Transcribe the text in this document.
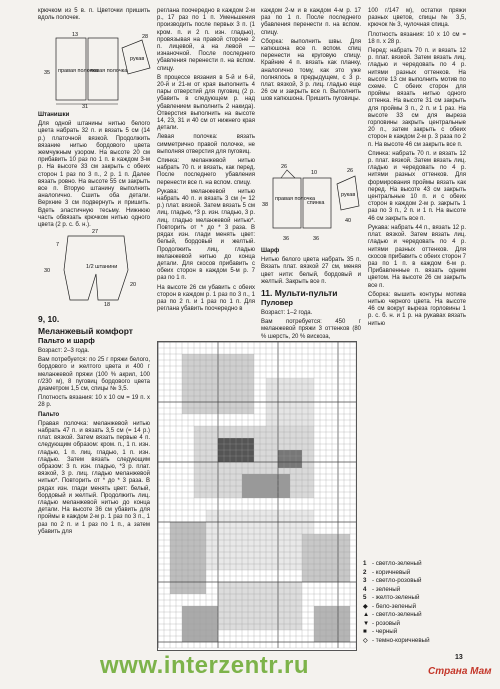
крючком из 5 в. п. Цветочки пришить вдоль полочек.

35
13
31
правая полочка
левая полочка
рукав
28

Штанишки

Для одной штанины нитью белого цвета набрать 32 п. и вязать 5 см (14 р.) платочной вязкой. Продолжить вязание нитью бордового цвета жемчужным узором. На высоте 20 см прибавить 10 раз по 1 п. в каждом 3-м р. На высоте 33 см закрыть с обеих сторон 1 раз по 3 п., 2 р. 1 п. Далее вязать ровно. На высоте 55 см закрыть все п. Вторую штанину выполнить аналогично. Сшить оба детали. Верхние 3 см подвернуть и пришить. Вдеть эластичную тесьму. Нижнюю часть обвязать крючком нитью одного цвета (2 р. с. б. н.).

27
7
30
1/2 штанини
18
20
9, 10.
Меланжевый комфорт
Пальто и шарф

Возраст: 2–3 года.

Вам потребуется: по 25 г пряжи белого, бордового и желтого цвета и 400 г меланжевой пряжи (100 % акрил, 100 г/230 м), 8 пуговиц бордового цвета диаметром 1,5 см, спицы № 3,5.

Плотность вязания: 10 х 10 см = 19 п. х 28 р.

Пальто

Правая полочка: меланжевой нитью набрать 47 п. и вязать 3,5 см (= 14 р.) плат. вязкой. Затем вязать первые 4 п. следующим образом: кром. п., 1 п. изн. гладью, 1 п. лиц. гладью, 1 п. изн. гладью. Затем вязать следующим образом: 3 п. изн. гладью, *3 р. плат. вязкой, 3 р. лиц. гладью меланжевой нитью*. Повторить от * до * 3 раза. В рядах изн. глади менять цвет: белый, бордовый и желтый. Продолжить лиц. гладью меланжевой нитью до конца детали. На высоте 36 см убавить для проймы в каждом 2-м р. 1 раз по 3 п., 1 раз по 2 п. и 1 раз по 1 п., а затем убавить для

реглана поочередно в каждом 2-м р., 17 раз по 1 п. Уменьшения производить после первых 3 п. (1 кром. п. и 2 п. изн. гладью), провязывая на правой стороне 2 п. лицевой, а на левой — изнаночной. После последнего убавления перенести п. на вспом. спицу.

В процессе вязания в 5-й и 6-й, 20-й и 21-м от края выполнить 4 пары отверстий для пуговиц (2 р. убавить в следующем р. над убавлением выполнить 2 накида). Отверстия выполнить на высоте 14, 23, 31 и 40 см от нижнего края детали.

Левая полочка: вязать симметрично правой полочке, не выполняя отверстия для пуговиц.

Спинка: меланжевой нитью набрать 70 п. и вязать, как перед. После последнего убавления перенести все п. на вспом. спицу.

Рукава: меланжевой нитью набрать 40 п. и вязать 3 см (= 12 р.) плат. вязкой. Затем вязать 5 см лиц. гладью, *3 р. изн. гладью, 3 р. лиц. гладью меланжевой нитью*. Повторить от * до * 3 раза. В рядах изн. глади менять цвет: белый, бордовый и желтый. Продолжить лиц. гладью меланжевой нитью до конца детали. Для скосов прибавить с обеих сторон в каждом 5-м р. 7 раз по 1 п.

На высоте 26 см убавить с обеих сторон в каждом р. 1 раз по 3 п., 1 раз по 2 п. и 1 раз по 1 п. Для реглана убавить поочередно в

каждом 2-м и в каждом 4-м р. 17 раз по 1 п. После последнего убавления перенести п. на вспом. спицу.

Сборка: выполнить швы. Для капюшона все п. вспом. спиц перенести на круговую спицу. Крайние 4 п. вязать как планку, аналогично тому, как это уже полнялось в предыдущем, с 3 р. плат. вязкой, 3 р. лиц. гладью еще 26 см и закрыть все п. Выполнить шов капюшона. Пришить пуговицы.

26
38
36
правая полочка
спинка
рукав
26
10
36
40

Шарф

Нитью белого цвета набрать 35 п. Вязать плат. вязкой 27 см, меняя цвет нити: белый, бордовый и желтый. Закрыть все п.

11. Мульти-пульти
Пуловер

Возраст: 1–2 года.

Вам потребуется: 450 г меланжевой пряжи 3 оттенков (80 % шерсть, 20 % вискоза,

100 г/147 м), остатки пряжи разных цветов, спицы № 3,5, крючок № 3, чулочная спица.

Плотность вязания: 10 х 10 см = 18 п. х 28 р.

Перед: набрать 70 п. и вязать 12 р. плат. вязкой. Затем вязать лиц. гладью и чередовать по 4 р. нитями разных оттенков. На высоте 13 см выполнить мотив по схеме. С обеих сторон для проймы вязать нитью одного оттенка. На высоте 31 см закрыть для проймы 3 п., 2 п. и 1 раз. На высоте 33 см для выреза горловины закрыть центральные 20 п., затем закрыть с обеих сторон в каждом 2-м р. 3 раза по 2 п. На высоте 46 см закрыть все п.

Спинка: набрать 70 п. и вязать 12 р. плат. вязкой. Затем вязать лиц. гладью и чередовать по 4 р. нитями разных оттенков. Для формирования проймы вязать как перед. На высоте 43 см закрыть центральные 10 п. и с обеих сторон в каждом 2-м р. закрыть 1 раз по 3 п., 2 п. и 1 п. На высоте 46 см закрыть все п.

Рукава: набрать 44 п., вязать 12 р. плат. вязкой. Затем вязать лиц. гладью и чередовать по 4 р. нитями разных оттенков. Для скосов прибавить с обеих сторон 7 раз по 1 п. в каждом 6-м р. Прибавленные п. вязать одним цветом. На высоте 26 см закрыть все п.

Сборка: вышить контуры мотива нитью черного цвета. На высоте 46 см вокруг выреза горловины 1 р. с. б. н. и 1 р. на рукавах вязать нитью

1- светло-зеленый
2- коричневый
3- светло-розовый
4- зеленый
5- желто-зеленый
◆- бело-зеленый
▲- светло-зеленый
▼- розовый
■- черный
◇- темно-коричневый
www.interzentr.ru	13
Страна Мам
